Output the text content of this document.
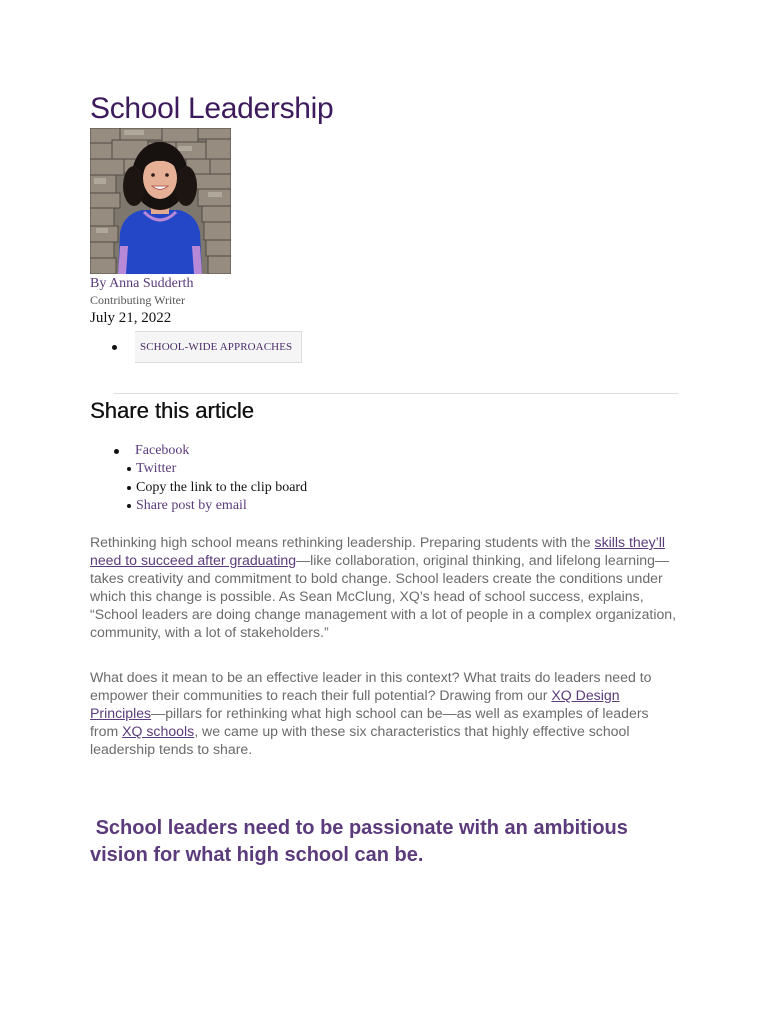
School Leadership
By Anna Sudderth
Contributing Writer
July 21, 2022
SCHOOL-WIDE APPROACHES
Share this article
Facebook
Twitter
Copy the link to the clip board
Share post by email

Rethinking high school means rethinking leadership. Preparing students with the skills they’ll need to succeed after graduating—like collaboration, original thinking, and lifelong learning—takes creativity and commitment to bold change. School leaders create the conditions under which this change is possible. As Sean McClung, XQ’s head of school success, explains, “School leaders are doing change management with a lot of people in a complex organization, community, with a lot of stakeholders.”

What does it mean to be an effective leader in this context? What traits do leaders need to empower their communities to reach their full potential? Drawing from our XQ Design Principles—pillars for rethinking what high school can be—as well as examples of leaders from XQ schools, we came up with these six characteristics that highly effective school leadership tends to share.

School leaders need to be passionate with an ambitious vision for what high school can be.
